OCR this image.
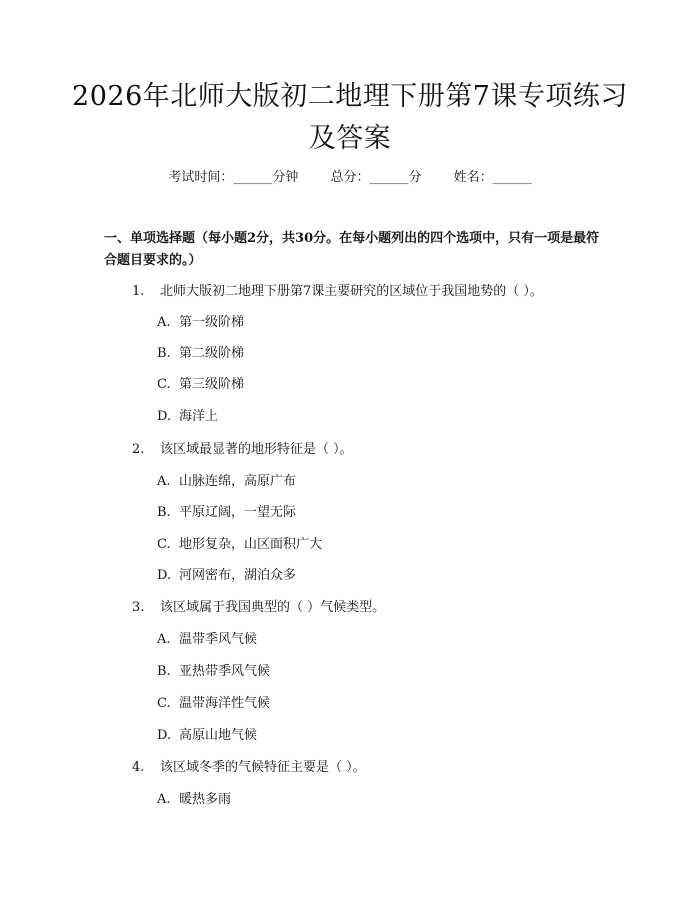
2026年北师大版初二地理下册第7课专项练习及答案
考试时间：______分钟 总分：______分 姓名：______
一、单项选择题（每小题2分，共30分。在每小题列出的四个选项中，只有一项是最符合题目要求的。）
1. 北师大版初二地理下册第7课主要研究的区域位于我国地势的（ ）。
A. 第一级阶梯
B. 第二级阶梯
C. 第三级阶梯
D. 海洋上
2. 该区域最显著的地形特征是（ ）。
A. 山脉连绵，高原广布
B. 平原辽阔，一望无际
C. 地形复杂，山区面积广大
D. 河网密布，湖泊众多
3. 该区域属于我国典型的（ ）气候类型。
A. 温带季风气候
B. 亚热带季风气候
C. 温带海洋性气候
D. 高原山地气候
4. 该区域冬季的气候特征主要是（ ）。
A. 暖热多雨
